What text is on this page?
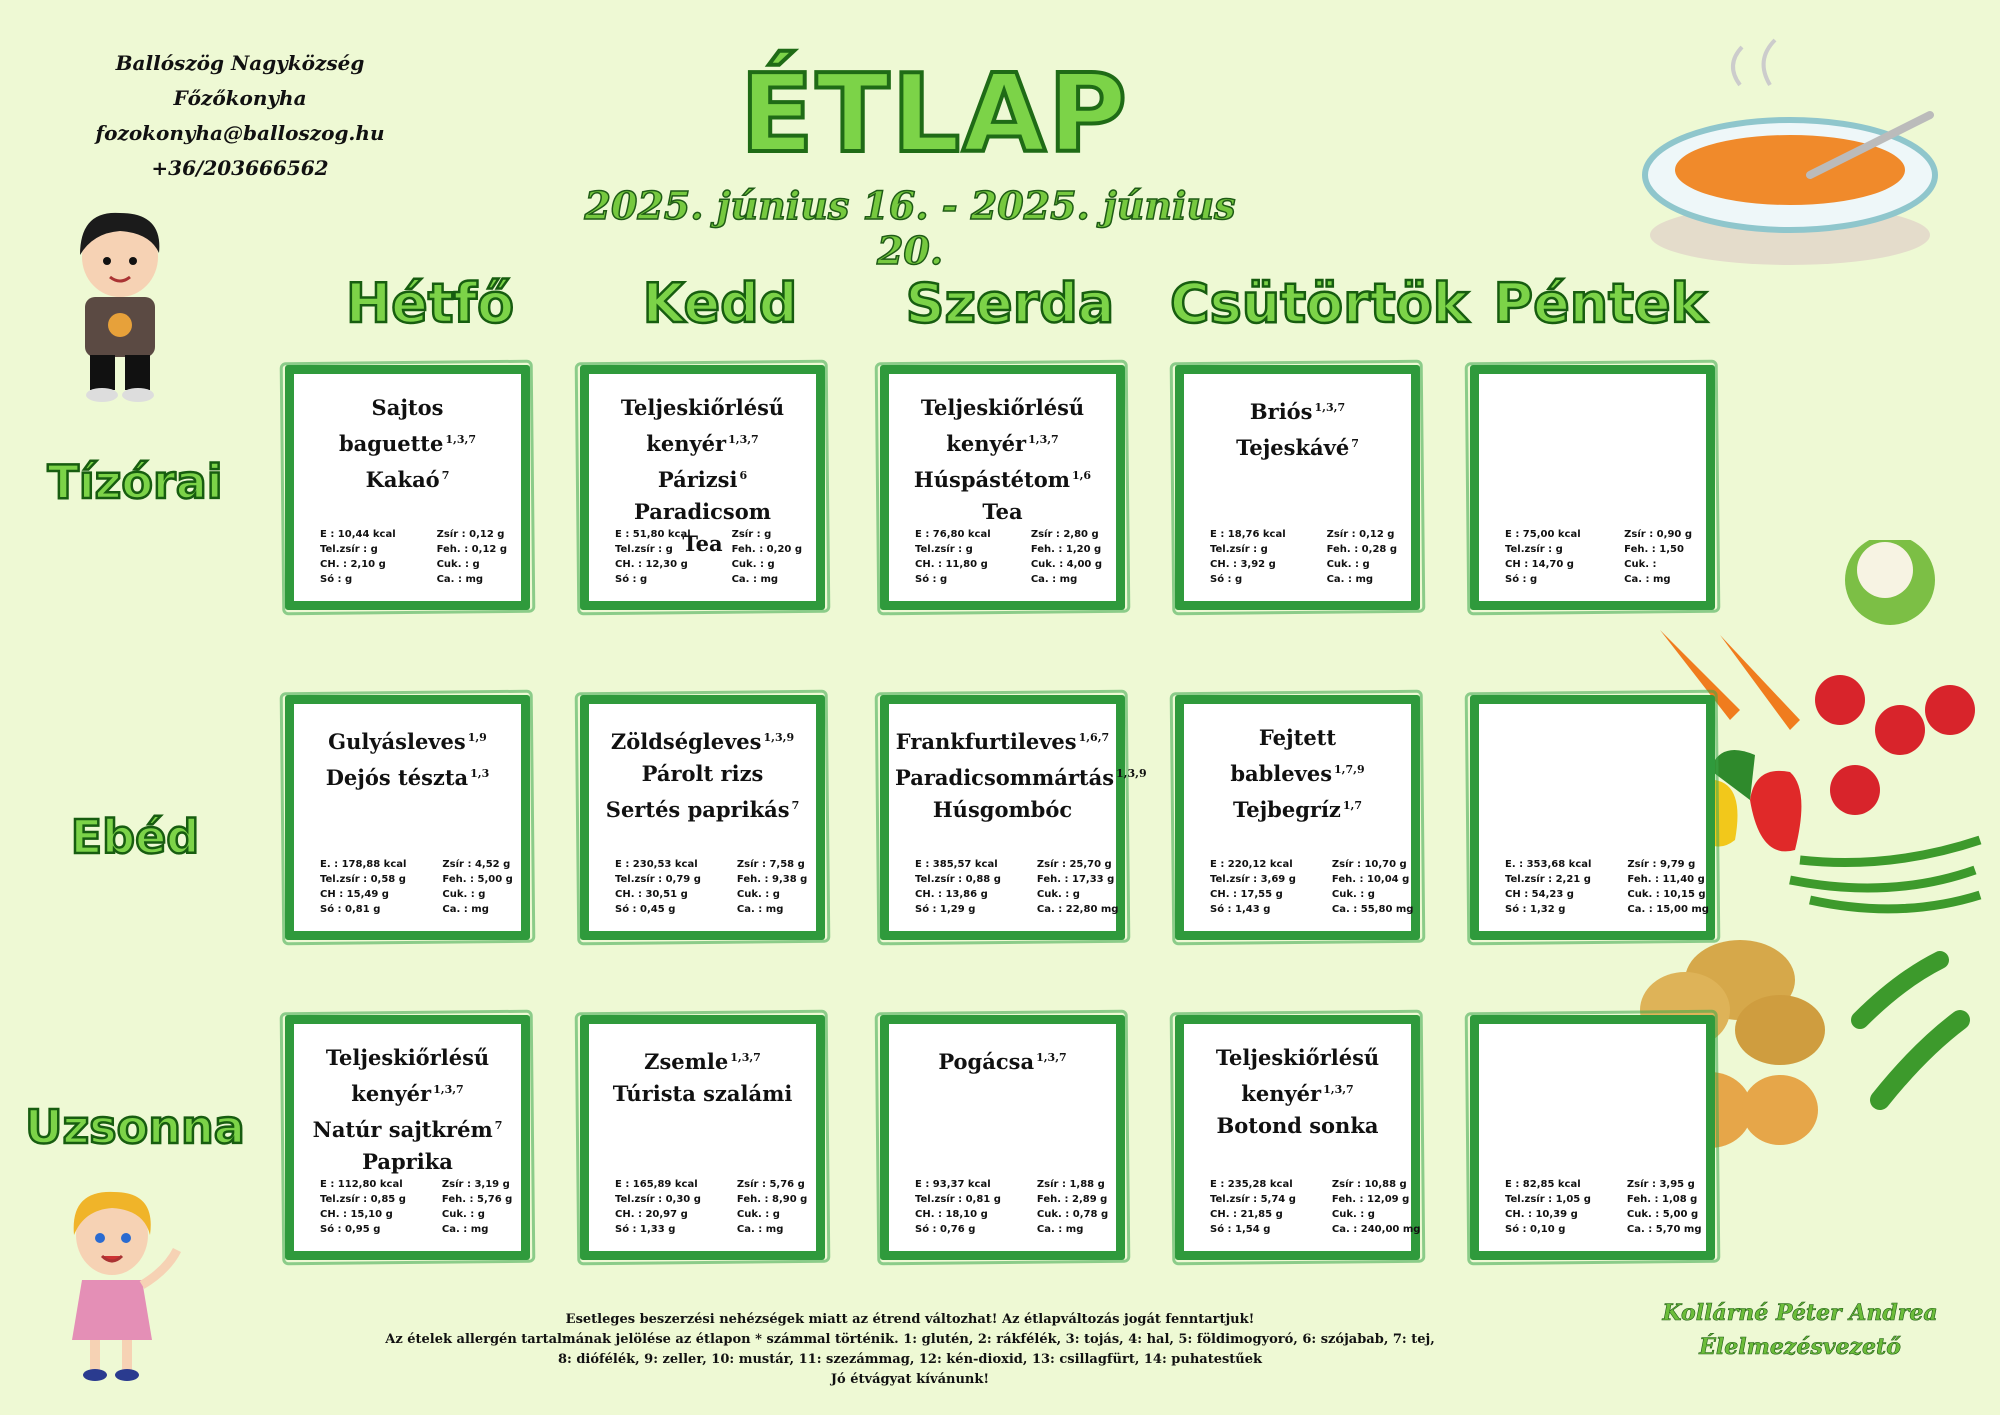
Ballószög Nagyközség Főzőkonyha
fozokonyha@balloszog.hu
+36/203666562	ÉTLAP
2025. június 16. - 2025. június 20.
Hétfő	Kedd	Szerda	Csütörtök Péntek
Tízórai
Ebéd
Uzsonna
Sajtos baguette $^{1,3,7}$
Kakaó $^7$
E : 10,44 kcal	Zsír : 0,12 g
Tel.zsír : g	Feh. : 0,12 g
CH. : 2,10 g	Cuk. : g
Só : g	Ca. : mg
Teljeskiőrlésű kenyér $^{1,3,7}$
Párizsi $^6$
Paradicsom
Tea
E : 51,80 kcal	Zsír : g
Tel.zsír : g	Feh. : 0,20 g
CH. : 12,30 g	Cuk. : g
Só : g	Ca. : mg
Teljeskiőrlésű kenyér $^{1,3,7}$
Húspástétom $^{1,6}$
Tea
E : 76,80 kcal	Zsír : 2,80 g
Tel.zsír : g	Feh. : 1,20 g
CH. : 11,80 g	Cuk. : 4,00 g
Só : g	Ca. : mg
Briós $^{1,3,7}$
Tejeskávé $^7$
E : 18,76 kcal	Zsír : 0,12 g
Tel.zsír : g	Feh. : 0,28 g
CH. : 3,92 g	Cuk. : g
Só : g	Ca. : mg
E : 75,00 kcal	Zsír : 0,90 g
Tel.zsír : g	Feh. : 1,50
CH : 14,70 g	Cuk. :
Só : g	Ca. : mg
Gulyásleves $^{1,9}$
Dejós tészta $^{1,3}$
E. : 178,88 kcal	Zsír : 4,52 g
Tel.zsír : 0,58 g	Feh. : 5,00 g
CH : 15,49 g	Cuk. : g
Só : 0,81 g	Ca. : mg
Zöldségleves $^{1,3,9}$
Párolt rizs
Sertés paprikás $^7$
E : 230,53 kcal	Zsír : 7,58 g
Tel.zsír : 0,79 g	Feh. : 9,38 g
CH. : 30,51 g	Cuk. : g
Só : 0,45 g	Ca. : mg
Frankfurtileves $^{1,6,7}$
Paradicsommártás $^{1,3,9}$
Húsgombóc
E : 385,57 kcal	Zsír : 25,70 g
Tel.zsír : 0,88 g	Feh. : 17,33 g
CH. : 13,86 g	Cuk. : g
Só : 1,29 g	Ca. : 22,80 mg
Fejtett bableves $^{1,7,9}$
Tejbegríz $^{1,7}$
E : 220,12 kcal	Zsír : 10,70 g
Tel.zsír : 3,69 g	Feh. : 10,04 g
CH. : 17,55 g	Cuk. : g
Só : 1,43 g	Ca. : 55,80 mg
E. : 353,68 kcal	Zsír : 9,79 g
Tel.zsír : 2,21 g	Feh. : 11,40 g
CH : 54,23 g	Cuk. : 10,15 g
Só : 1,32 g	Ca. : 15,00 mg
Teljeskiőrlésű kenyér $^{1,3,7}$
Natúr sajtkrém $^7$
Paprika
E : 112,80 kcal	Zsír : 3,19 g
Tel.zsír : 0,85 g	Feh. : 5,76 g
CH. : 15,10 g	Cuk. : g
Só : 0,95 g	Ca. : mg
Zsemle $^{1,3,7}$
Túrista szalámi
E : 165,89 kcal	Zsír : 5,76 g
Tel.zsír : 0,30 g	Feh. : 8,90 g
CH. : 20,97 g	Cuk. : g
Só : 1,33 g	Ca. : mg
Pogácsa $^{1,3,7}$
E : 93,37 kcal	Zsír : 1,88 g
Tel.zsír : 0,81 g	Feh. : 2,89 g
CH. : 18,10 g	Cuk. : 0,78 g
Só : 0,76 g	Ca. : mg
Teljeskiőrlésű kenyér $^{1,3,7}$
Botond sonka
E : 235,28 kcal	Zsír : 10,88 g
Tel.zsír : 5,74 g	Feh. : 12,09 g
CH. : 21,85 g	Cuk. : g
Só : 1,54 g	Ca. : 240,00 mg
E : 82,85 kcal	Zsír : 3,95 g
Tel.zsír : 1,05 g	Feh. : 1,08 g
CH. : 10,39 g	Cuk. : 5,00 g
Só : 0,10 g	Ca. : 5,70 mg
Esetleges beszerzési nehézségek miatt az étrend változhat! Az étlapváltozás jogát fenntartjuk!
Az ételek allergén tartalmának jelölése az étlapon * számmal történik. 1: glutén, 2: rákfélék, 3: tojás, 4: hal, 5: földimogyoró, 6: szójabab, 7: tej, 8: diófélék, 9: zeller, 10: mustár, 11: szezámmag, 12: kén-dioxid, 13: csillagfürt, 14: puhatestűek
Jó étvágyat kívánunk!
Kollárné Péter Andrea
Élelmezésvezető
